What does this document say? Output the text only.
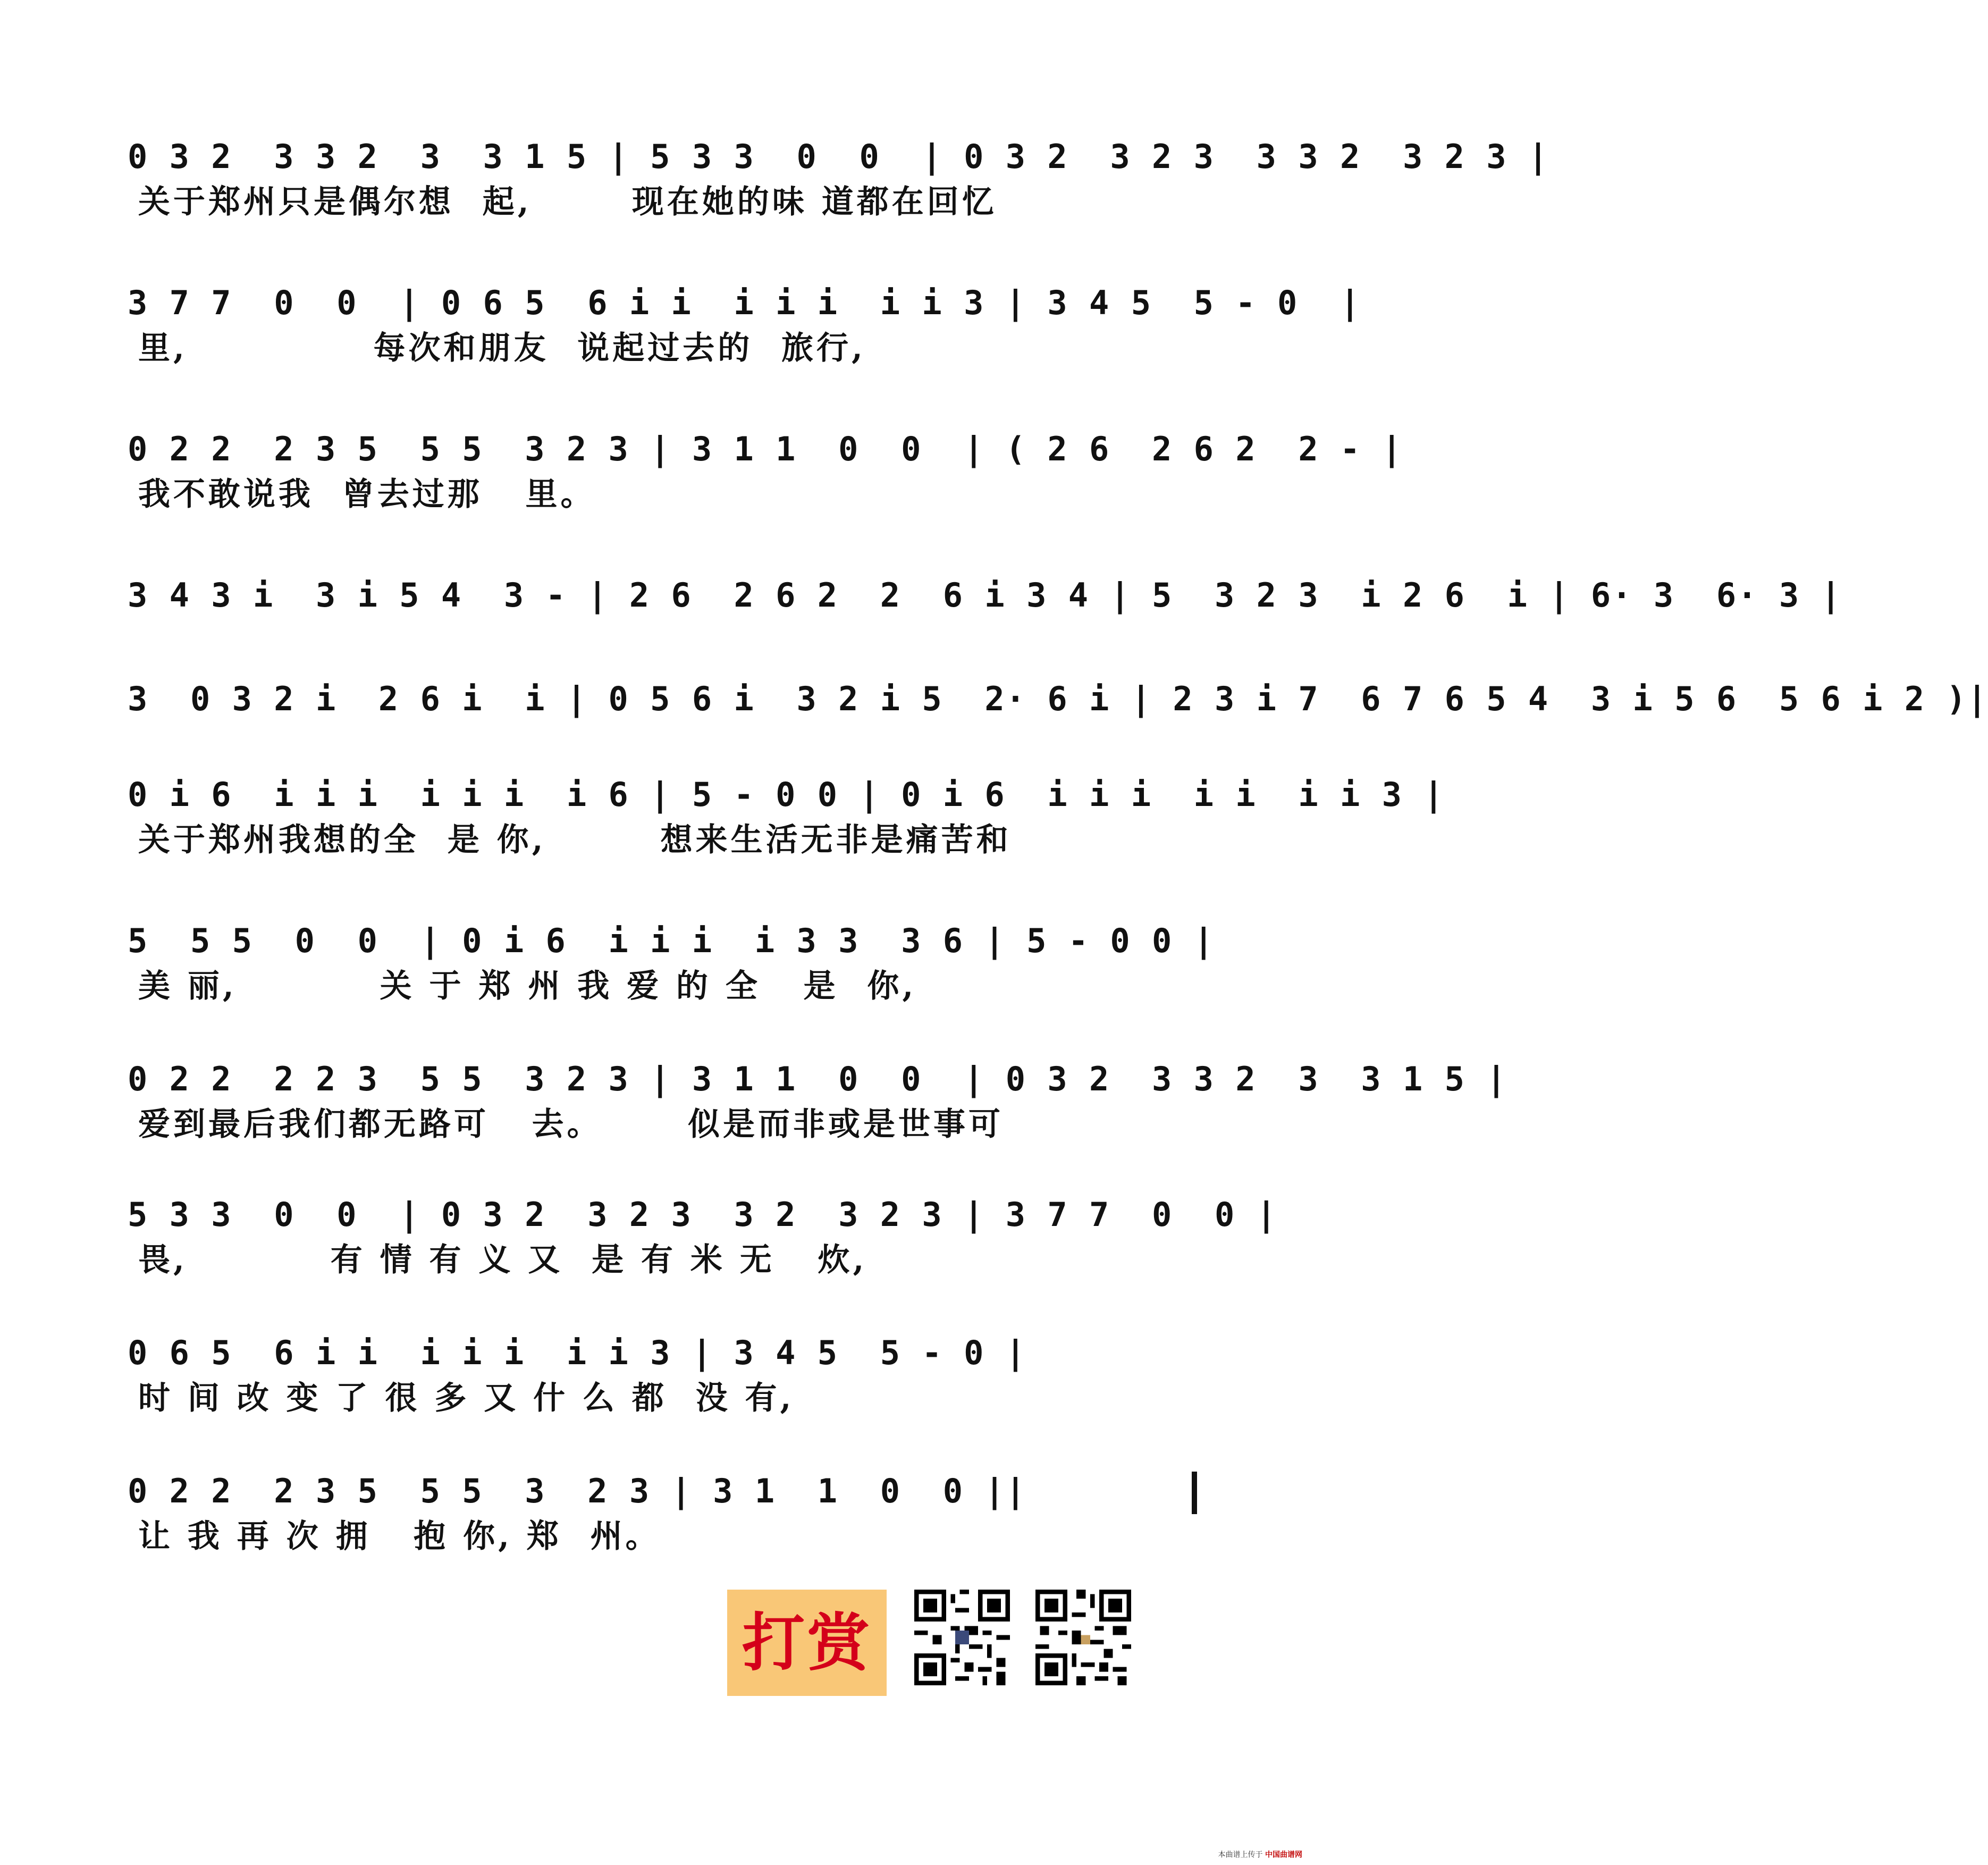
0 3 2  3 3 2  3  3 1 5 | 5 3 3  0  0  | 0 3 2  3 2 3  3 3 2  3 2 3 |
关于郑州只是偶尔想  起,       现在她的味 道都在回忆
3 7 7  0  0  | 0 6 5  6 i i  i i i  i i 3 | 3 4 5  5 - 0  |
里,             每次和朋友  说起过去的  旅行,
0 2 2  2 3 5  5 5  3 2 3 | 3 1 1  0  0  | ( 2 6  2 6 2  2 - |
我不敢说我  曾去过那   里。
3 4 3 i  3 i 5 4  3 - | 2 6  2 6 2  2  6 i 3 4 | 5  3 2 3  i 2 6  i | 6· 3  6· 3 |
3  0 3 2 i  2 6 i  i | 0 5 6 i  3 2 i 5  2· 6 i | 2 3 i 7  6 7 6 5 4  3 i 5 6  5 6 i 2 )|
0 i 6  i i i  i i i  i 6 | 5 - 0 0 | 0 i 6  i i i  i i  i i 3 |
关于郑州我想的全  是 你,        想来生活无非是痛苦和
5  5 5  0  0  | 0 i 6  i i i  i 3 3  3 6 | 5 - 0 0 |
美 丽,          关 于 郑 州 我 爱 的 全   是  你,
0 2 2  2 2 3  5 5  3 2 3 | 3 1 1  0  0  | 0 3 2  3 3 2  3  3 1 5 |
爱到最后我们都无路可   去。      似是而非或是世事可
5 3 3  0  0  | 0 3 2  3 2 3  3 2  3 2 3 | 3 7 7  0  0 |
畏,          有 情 有 义 又  是 有 米 无   炊,
0 6 5  6 i i  i i i  i i 3 | 3 4 5  5 - 0 |
时 间 改 变 了 很 多 又 什 么 都  没 有,
0 2 2  2 3 5  5 5  3  2 3 | 3 1  1  0  0 ||
让 我 再 次 拥   抱 你, 郑  州。
打赏
本曲谱上传于 中国曲谱网
